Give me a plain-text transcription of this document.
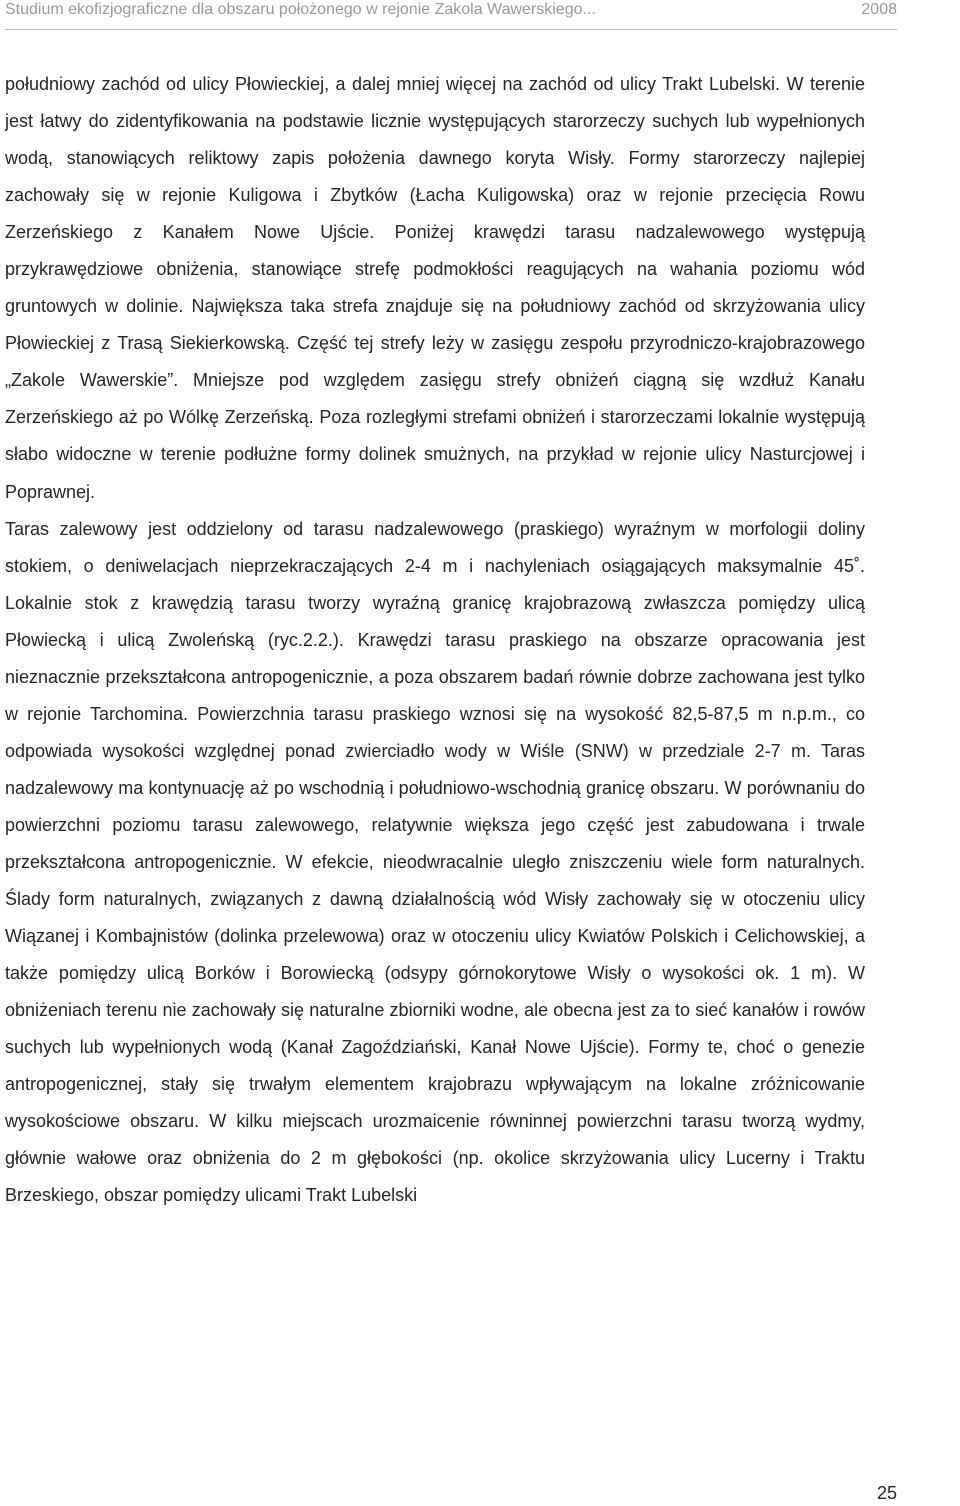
Studium ekofizjograficzne dla obszaru położonego w rejonie Zakola Wawerskiego...	2008

południowy zachód od ulicy Płowieckiej, a dalej mniej więcej na zachód od ulicy Trakt Lubelski. W terenie jest łatwy do zidentyfikowania na podstawie licznie występujących starorzeczy suchych lub wypełnionych wodą, stanowiących reliktowy zapis położenia dawnego koryta Wisły. Formy starorzeczy najlepiej zachowały się w rejonie Kuligowa i Zbytków (Łacha Kuligowska) oraz w rejonie przecięcia Rowu Zerzeńskiego z Kanałem Nowe Ujście. Poniżej krawędzi tarasu nadzalewowego występują przykrawędziowe obniżenia, stanowiące strefę podmokłości reagujących na wahania poziomu wód gruntowych w dolinie. Największa taka strefa znajduje się na południowy zachód od skrzyżowania ulicy Płowieckiej z Trasą Siekierkowską. Część tej strefy leży w zasięgu zespołu przyrodniczo-krajobrazowego „Zakole Wawerskie”. Mniejsze pod względem zasięgu strefy obniżeń ciągną się wzdłuż Kanału Zerzeńskiego aż po Wólkę Zerzeńską. Poza rozległymi strefami obniżeń i starorzeczami lokalnie występują słabo widoczne w terenie podłużne formy dolinek smużnych, na przykład w rejonie ulicy Nasturcjowej i Poprawnej.

Taras zalewowy jest oddzielony od tarasu nadzalewowego (praskiego) wyraźnym w morfologii doliny stokiem, o deniwelacjach nieprzekraczających 2-4 m i nachyleniach osiągających maksymalnie 45˚. Lokalnie stok z krawędzią tarasu tworzy wyraźną granicę krajobrazową zwłaszcza pomiędzy ulicą Płowiecką i ulicą Zwoleńską (ryc.2.2.). Krawędzi tarasu praskiego na obszarze opracowania jest nieznacznie przekształcona antropogenicznie, a poza obszarem badań równie dobrze zachowana jest tylko w rejonie Tarchomina. Powierzchnia tarasu praskiego wznosi się na wysokość 82,5-87,5 m n.p.m., co odpowiada wysokości względnej ponad zwierciadło wody w Wiśle (SNW) w przedziale 2-7 m. Taras nadzalewowy ma kontynuację aż po wschodnią i południowo-wschodnią granicę obszaru. W porównaniu do powierzchni poziomu tarasu zalewowego, relatywnie większa jego część jest zabudowana i trwale przekształcona antropogenicznie. W efekcie, nieodwracalnie uległo zniszczeniu wiele form naturalnych. Ślady form naturalnych, związanych z dawną działalnością wód Wisły zachowały się w otoczeniu ulicy Wiązanej i Kombajnistów (dolinka przelewowa) oraz w otoczeniu ulicy Kwiatów Polskich i Celichowskiej, a także pomiędzy ulicą Borków i Borowiecką (odsypy górnokorytowe Wisły o wysokości ok. 1 m). W obniżeniach terenu nie zachowały się naturalne zbiorniki wodne, ale obecna jest za to sieć kanałów i rowów suchych lub wypełnionych wodą (Kanał Zagoździański, Kanał Nowe Ujście). Formy te, choć o genezie antropogenicznej, stały się trwałym elementem krajobrazu wpływającym na lokalne zróżnicowanie wysokościowe obszaru. W kilku miejscach urozmaicenie równinnej powierzchni tarasu tworzą wydmy, głównie wałowe oraz obniżenia do 2 m głębokości (np. okolice skrzyżowania ulicy Lucerny i Traktu Brzeskiego, obszar pomiędzy ulicami Trakt Lubelski

25
